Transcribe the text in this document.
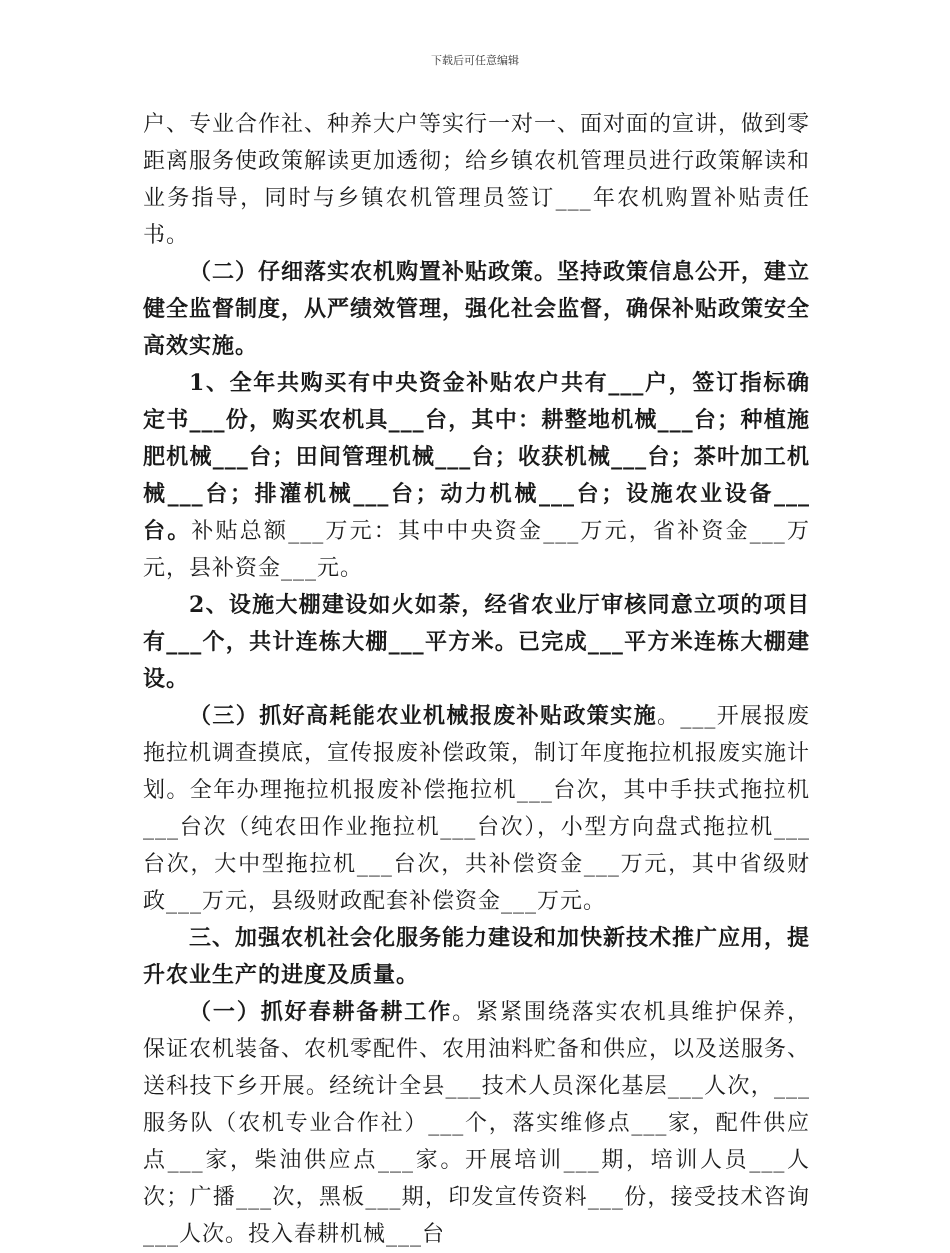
下载后可任意编辑

户、专业合作社、种养大户等实行一对一、面对面的宣讲，做到零距离服务使政策解读更加透彻；给乡镇农机管理员进行政策解读和业务指导，同时与乡镇农机管理员签订___年农机购置补贴责任书。

（二）仔细落实农机购置补贴政策。坚持政策信息公开，建立健全监督制度，从严绩效管理，强化社会监督，确保补贴政策安全高效实施。

1、全年共购买有中央资金补贴农户共有___户，签订指标确定书___份，购买农机具___台，其中：耕整地机械___台；种植施肥机械___台；田间管理机械___台；收获机械___台；茶叶加工机械___台；排灌机械___台；动力机械___台；设施农业设备___台。补贴总额___万元：其中中央资金___万元，省补资金___万元，县补资金___元。

2、设施大棚建设如火如荼，经省农业厅审核同意立项的项目有___个，共计连栋大棚___平方米。已完成___平方米连栋大棚建设。

（三）抓好高耗能农业机械报废补贴政策实施。___开展报废拖拉机调查摸底，宣传报废补偿政策，制订年度拖拉机报废实施计划。全年办理拖拉机报废补偿拖拉机___台次，其中手扶式拖拉机___台次（纯农田作业拖拉机___台次），小型方向盘式拖拉机___台次，大中型拖拉机___台次，共补偿资金___万元，其中省级财政___万元，县级财政配套补偿资金___万元。

三、加强农机社会化服务能力建设和加快新技术推广应用，提升农业生产的进度及质量。

（一）抓好春耕备耕工作。紧紧围绕落实农机具维护保养，保证农机装备、农机零配件、农用油料贮备和供应，以及送服务、送科技下乡开展。经统计全县___技术人员深化基层___人次，___服务队（农机专业合作社）___个，落实维修点___家，配件供应点___家，柴油供应点___家。开展培训___期，培训人员___人次；广播___次，黑板___期，印发宣传资料___份，接受技术咨询___人次。投入春耕机械___台
